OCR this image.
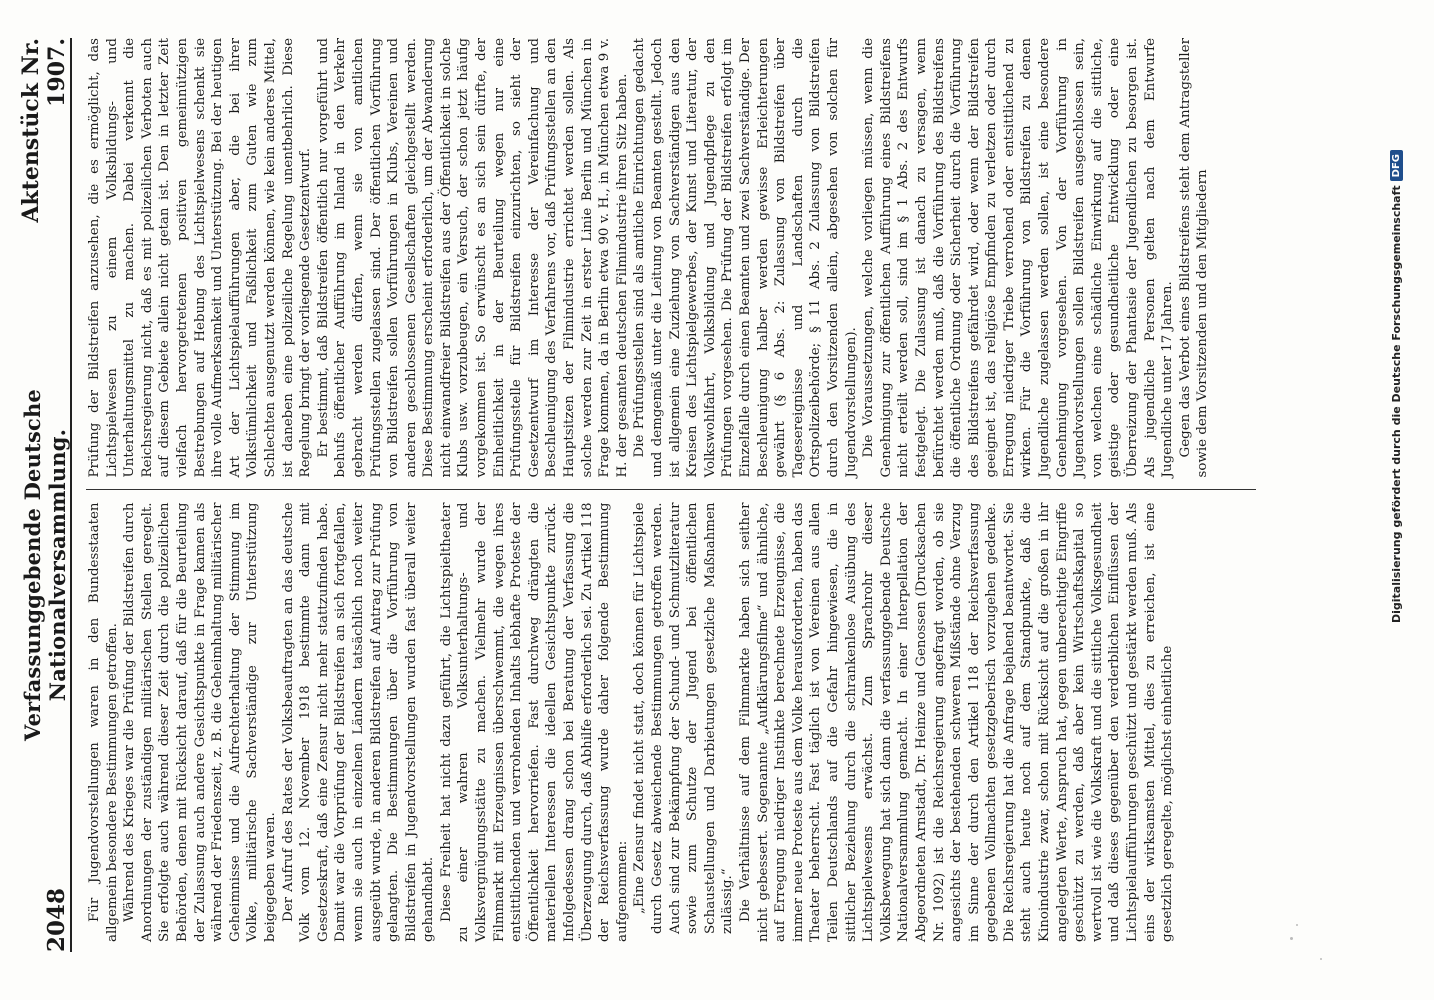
2048
Verfassunggebende Deutsche Nationalversammlung.
Aktenstück Nr. 1907.

Für Jugendvorstellungen waren in den Bundesstaaten allgemein besondere Bestimmungen getroffen. Während des Krieges war die Prüfung der Bildstreifen durch Anordnungen der zuständigen militärischen Stellen geregelt. Sie erfolgte auch während dieser Zeit durch die polizeilichen Behörden, denen mit Rücksicht darauf, daß für die Beurteilung der Zulassung auch andere Gesichtspunkte in Frage kamen als während der Friedenszeit, z. B. die Geheimhaltung militärischer Geheimnisse und die Aufrechterhaltung der Stimmung im Volke, militärische Sachverständige zur Unterstützung beigegeben waren. Der Aufruf des Rates der Volksbeauftragten an das deutsche Volk vom 12. November 1918 bestimmte dann mit Gesetzeskraft, daß eine Zensur nicht mehr stattzufinden habe. Damit war die Vorprüfung der Bildstreifen an sich fortgefallen, wenn sie auch in einzelnen Ländern tatsächlich noch weiter ausgeübt wurde, in anderen Bildstreifen auf Antrag zur Prüfung gelangten. Die Bestimmungen über die Vorführung von Bildstreifen in Jugendvorstellungen wurden fast überall weiter gehandhabt. Diese Freiheit hat nicht dazu geführt, die Lichtspieltheater zu einer wahren Volksunterhaltungs- und Volksvergnügungsstätte zu machen. Vielmehr wurde der Filmmarkt mit Erzeugnissen überschwemmt, die wegen ihres entsittlichenden und verrohenden Inhalts lebhafte Proteste der Öffentlichkeit hervorriefen. Fast durchweg drängten die materiellen Interessen die ideellen Gesichtspunkte zurück. Infolgedessen drang schon bei Beratung der Verfassung die Überzeugung durch, daß Abhilfe erforderlich sei. Zu Artikel 118 der Reichsverfassung wurde daher folgende Bestimmung aufgenommen: „Eine Zensur findet nicht statt, doch können für Lichtspiele durch Gesetz abweichende Bestimmungen getroffen werden. Auch sind zur Bekämpfung der Schund- und Schmutzliteratur sowie zum Schutze der Jugend bei öffentlichen Schaustellungen und Darbietungen gesetzliche Maßnahmen zulässig.“ Die Verhältnisse auf dem Filmmarkte haben sich seither nicht gebessert. Sogenannte „Aufklärungsfilme“ und ähnliche, auf Erregung niedriger Instinkte berechnete Erzeugnisse, die immer neue Proteste aus dem Volke herausforderten, haben das Theater beherrscht. Fast täglich ist von Vereinen aus allen Teilen Deutschlands auf die Gefahr hingewiesen, die in sittlicher Beziehung durch die schrankenlose Ausübung des Lichtspielwesens erwächst. Zum Sprachrohr dieser Volksbewegung hat sich dann die verfassunggebende Deutsche Nationalversammlung gemacht. In einer Interpellation der Abgeordneten Arnstadt, Dr. Heinze und Genossen (Drucksachen Nr. 1092) ist die Reichsregierung angefragt worden, ob sie angesichts der bestehenden schweren Mißstände ohne Verzug im Sinne der durch den Artikel 118 der Reichsverfassung gegebenen Vollmachten gesetzgeberisch vorzugehen gedenke. Die Reichsregierung hat die Anfrage bejahend beantwortet. Sie steht auch heute noch auf dem Standpunkte, daß die Kinoindustrie zwar, schon mit Rücksicht auf die großen in ihr angelegten Werte, Anspruch hat, gegen unberechtigte Eingriffe geschützt zu werden, daß aber kein Wirtschaftskapital so wertvoll ist wie die Volkskraft und die sittliche Volksgesundheit und daß dieses gegenüber den verderblichen Einflüssen der Lichtspielaufführungen geschützt und gestärkt werden muß. Als eins der wirksamsten Mittel, dies zu erreichen, ist eine gesetzlich geregelte, möglichst einheitliche

Prüfung der Bildstreifen anzusehen, die es ermöglicht, das Lichtspielwesen zu einem Volksbildungs- und Unterhaltungsmittel zu machen. Dabei verkennt die Reichsregierung nicht, daß es mit polizeilichen Verboten auch auf diesem Gebiete allein nicht getan ist. Den in letzter Zeit vielfach hervorgetretenen positiven gemeinnützigen Bestrebungen auf Hebung des Lichtspielwesens schenkt sie ihre volle Aufmerksamkeit und Unterstützung. Bei der heutigen Art der Lichtspielaufführungen aber, die bei ihrer Volkstümlichkeit und Faßlichkeit zum Guten wie zum Schlechten ausgenutzt werden können, wie kein anderes Mittel, ist daneben eine polizeiliche Regelung unentbehrlich. Diese Regelung bringt der vorliegende Gesetzentwurf. Er bestimmt, daß Bildstreifen öffentlich nur vorgeführt und behufs öffentlicher Aufführung im Inland in den Verkehr gebracht werden dürfen, wenn sie von amtlichen Prüfungsstellen zugelassen sind. Der öffentlichen Vorführung von Bildstreifen sollen Vorführungen in Klubs, Vereinen und anderen geschlossenen Gesellschaften gleichgestellt werden. Diese Bestimmung erscheint erforderlich, um der Abwanderung nicht einwandfreier Bildstreifen aus der Öffentlichkeit in solche Klubs usw. vorzubeugen, ein Versuch, der schon jetzt häufig vorgekommen ist. So erwünscht es an sich sein dürfte, der Einheitlichkeit in der Beurteilung wegen nur eine Prüfungsstelle für Bildstreifen einzurichten, so sieht der Gesetzentwurf im Interesse der Vereinfachung und Beschleunigung des Verfahrens vor, daß Prüfungsstellen an den Hauptsitzen der Filmindustrie errichtet werden sollen. Als solche werden zur Zeit in erster Linie Berlin und München in Frage kommen, da in Berlin etwa 90 v. H., in München etwa 9 v. H. der gesamten deutschen Filmindustrie ihren Sitz haben. Die Prüfungsstellen sind als amtliche Einrichtungen gedacht und demgemäß unter die Leitung von Beamten gestellt. Jedoch ist allgemein eine Zuziehung von Sachverständigen aus den Kreisen des Lichtspielgewerbes, der Kunst und Literatur, der Volkswohlfahrt, Volksbildung und Jugendpflege zu den Prüfungen vorgesehen. Die Prüfung der Bildstreifen erfolgt im Einzelfalle durch einen Beamten und zwei Sachverständige. Der Beschleunigung halber werden gewisse Erleichterungen gewährt (§ 6 Abs. 2: Zulassung von Bildstreifen über Tagesereignisse und Landschaften durch die Ortspolizeibehörde; § 11 Abs. 2 Zulassung von Bildstreifen durch den Vorsitzenden allein, abgesehen von solchen für Jugendvorstellungen). Die Voraussetzungen, welche vorliegen müssen, wenn die Genehmigung zur öffentlichen Aufführung eines Bildstreifens nicht erteilt werden soll, sind im § 1 Abs. 2 des Entwurfs festgelegt. Die Zulassung ist danach zu versagen, wenn befürchtet werden muß, daß die Vorführung des Bildstreifens die öffentliche Ordnung oder Sicherheit durch die Vorführung des Bildstreifens gefährdet wird, oder wenn der Bildstreifen geeignet ist, das religiöse Empfinden zu verletzen oder durch Erregung niedriger Triebe verrohend oder entsittlichend zu wirken. Für die Vorführung von Bildstreifen zu denen Jugendliche zugelassen werden sollen, ist eine besondere Genehmigung vorgesehen. Von der Vorführung in Jugendvorstellungen sollen Bildstreifen ausgeschlossen sein, von welchen eine schädliche Einwirkung auf die sittliche, geistige oder gesundheitliche Entwicklung oder eine Überreizung der Phantasie der Jugendlichen zu besorgen ist. Als jugendliche Personen gelten nach dem Entwurfe Jugendliche unter 17 Jahren. Gegen das Verbot eines Bildstreifens steht dem Antragsteller sowie dem Vorsitzenden und den Mitgliedern	Digitalisierung gefördert durch die Deutsche Forschungsgemeinschaft
DFG
